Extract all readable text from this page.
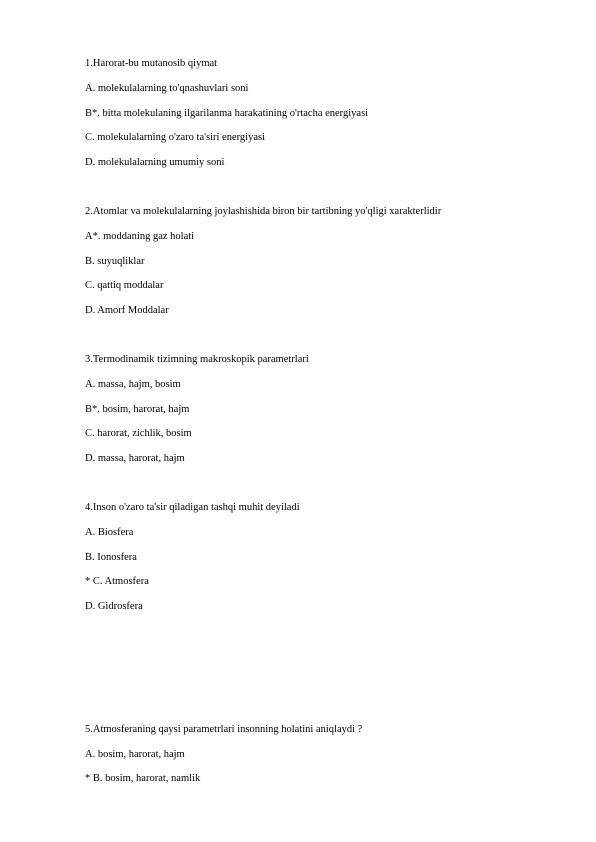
1.Harorat-bu mutanosib qiymat
A. molekulalarning to'qnashuvlari soni
B*. bitta molekulaning ilgarilanma harakatining o'rtacha energiyasi
C. molekulalarning o'zaro ta'siri energiyasi
D. molekulalarning umumiy soni
2.Atomlar va molekulalarning joylashishida biron bir tartibning yo'qligi xarakterlidir
A*. moddaning gaz holati
B. suyuqliklar
C. qattiq moddalar
D. Amorf Moddalar
3.Termodinamik tizimning makroskopik parametrlari
A. massa, hajm, bosim
B*. bosim, harorat, hajm
C. harorat, zichlik, bosim
D. massa, harorat, hajm
4.Inson o'zaro ta'sir qiladigan tashqi muhit deyiladi
A. Biosfera
B. Ionosfera
* C. Atmosfera
D. Gidrosfera
5.Atmosferaning qaysi parametrlari insonning holatini aniqlaydi ?
A. bosim, harorat, hajm
* B. bosim, harorat, namlik
